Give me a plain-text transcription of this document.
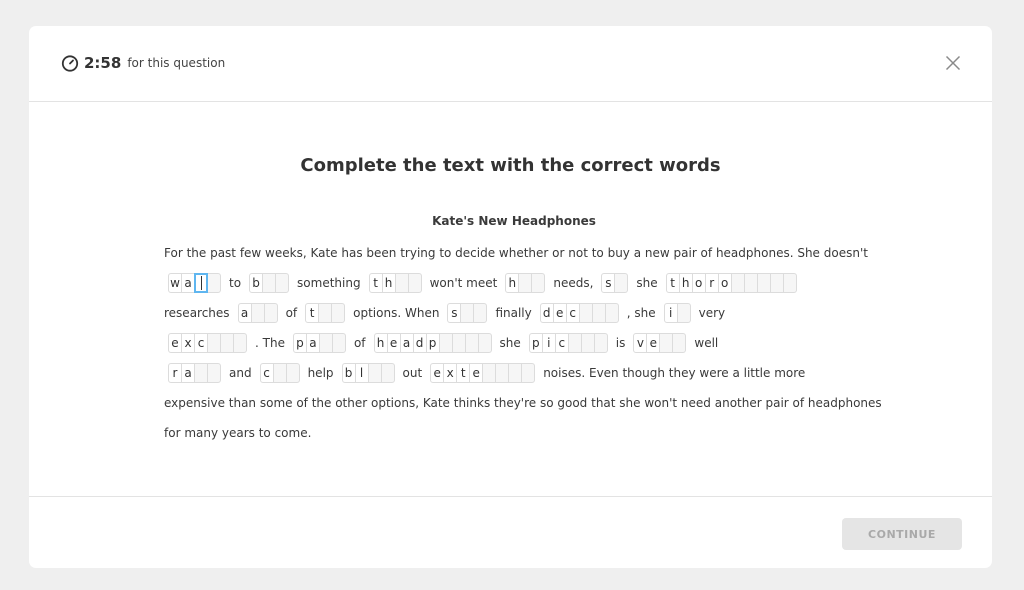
2:58 for this question
Complete the text with the correct words
Kate's New Headphones
For the past few weeks, Kate has been trying to decide whether or not to buy a new pair of headphones. She doesn't
w a	to b	something	t h	won't meet h	needs, s	she	t h o r o
researches a	of	t	options. When s	finally d e c	, she	i	very
e x c	. The p a	of h e a d p	she p i c	is v e	well
r a	and c	help b l	out e x t e	noises. Even though they were a little more
expensive than some of the other options, Kate thinks they're so good that she won't need another pair of headphones
for many years to come.
CONTINUE
